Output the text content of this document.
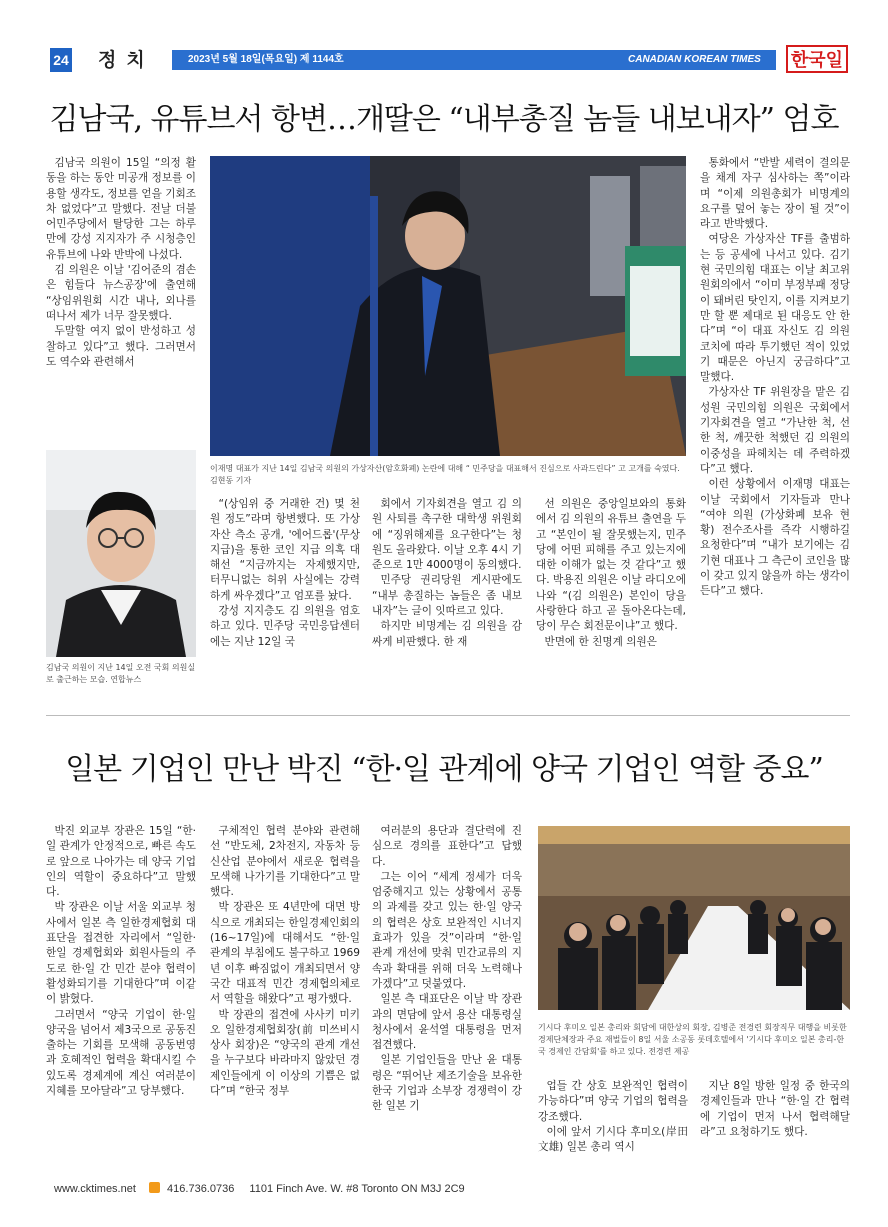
24 정치	2023년 5월 18일(목요일) 제 1144호	CANADIAN KOREAN TIMES 한국일
김남국, 유튜브서 항변…개딸은 “내부총질 놈들 내보내자” 엄호

김남국 의원이 15일 “의정 활동을 하는 동안 미공개 정보를 이용할 생각도, 정보를 얻을 기회조차 없었다”고 말했다. 전날 더불어민주당에서 탈당한 그는 하루 만에 강성 지지자가 주 시청층인 유튜브에 나와 반박에 나섰다.

김 의원은 이날 '김어준의 겸손은 힘들다 뉴스공장'에 출연해 “상임위원회 시간 내나, 외나를 떠나서 제가 너무 잘못했다.

두말할 여지 없이 반성하고 성찰하고 있다”고 했다. 그러면서도 역수와 관련해서

김남국 의원이 지난 14일 오전 국회 의원실로 출근하는 모습. 연합뉴스
이재명 대표가 지난 14일 김남국 의원의 가상자산(암호화폐) 논란에 대해 “ 민주당을 대표해서 진심으로 사과드린다” 고 고개를 숙였다. 김현동 기자

“(상임위 중 거래한 건) 몇 천 원 정도”라며 항변했다. 또 가상자산 측소 공개, '에어드롭'(무상지급)을 통한 코인 지급 의혹 대해선 “지금까지는 자제했지만, 터무니없는 허위 사실에는 강력하게 싸우겠다”고 엄포를 놨다.

강성 지지층도 김 의원을 엄호하고 있다. 민주당 국민응답센터에는 지난 12일 국

회에서 기자회견을 열고 김 의원 사퇴를 촉구한 대학생 위원회에 “징위해제를 요구한다”는 청원도 올라왔다. 이날 오후 4시 기준으로 1만 4000명이 동의했다.

민주당 권리당원 게시판에도 “내부 총질하는 놈들은 좀 내보내자”는 글이 잇따르고 있다.

하지만 비명계는 김 의원을 감싸게 비판했다. 한 재

선 의원은 중앙일보와의 통화에서 김 의원의 유튜브 출연을 두고 “본인이 될 잘못했는지, 민주당에 어떤 피해를 주고 있는지에 대한 이해가 없는 것 같다”고 했다. 박용진 의원은 이날 라디오에 나와 “(김 의원은) 본인이 당을 사랑한다 하고 곧 돌아온다는데, 당이 무슨 회전문이냐”고 했다.

반면에 한 친명계 의원은

통화에서 “반발 세력이 결의문을 채계 자구 심사하는 쪽”이라며 “이제 의원총회가 비명계의 요구를 덮어 놓는 장이 될 것”이라고 반박했다.

여당은 가상자산 TF를 출범하는 등 공세에 나서고 있다. 김기현 국민의힘 대표는 이날 최고위원회의에서 “이미 부정부패 정당이 돼버린 탓인지, 이를 지켜보기만 할 뿐 제대로 된 대응도 안 한다”며 “이 대표 자신도 김 의원 코치에 따라 투기했던 적이 있었기 때문은 아닌지 궁금하다”고 말했다.

가상자산 TF 위원장을 맡은 김성원 국민의힘 의원은 국회에서 기자회견을 열고 “가난한 척, 선한 척, 깨끗한 척했던 김 의원의 이중성을 파헤치는 데 주력하겠다”고 했다.

이런 상황에서 이재명 대표는 이날 국회에서 기자들과 만나 “여야 의원 (가상화폐 보유 현황) 전수조사를 즉각 시행하길 요청한다”며 “내가 보기에는 김기현 대표나 그 측근이 코인을 많이 갖고 있지 않을까 하는 생각이 든다”고 했다.

일본 기업인 만난 박진 “한·일 관계에 양국 기업인 역할 중요”

박진 외교부 장관은 15일 “한·일 관계가 안정적으로, 빠른 속도로 앞으로 나아가는 데 양국 기업인의 역할이 중요하다”고 말했다.

박 장관은 이날 서울 외교부 청사에서 일본 측 일한경제협회 대표단을 접견한 자리에서 “일한·한일 경제협회와 회원사들의 주도로 한·일 간 민간 분야 협력이 활성화되기를 기대한다”며 이같이 밝혔다.

그러면서 “양국 기업이 한·일 양국을 넘어서 제3국으로 공동진출하는 기회를 모색해 공동번영과 호혜적인 협력을 확대시킬 수 있도록 경제계에 계신 여러분이 지혜를 모아달라”고 당부했다.

구체적인 협력 분야와 관련해선 “반도체, 2차전지, 자동차 등 신산업 분야에서 새로운 협력을 모색해 나가기를 기대한다”고 말했다.

박 장관은 또 4년만에 대면 방식으로 개최되는 한일경제인회의(16~17일)에 대해서도 “한·일관계의 부침에도 불구하고 1969년 이후 빠짐없이 개최되면서 양국간 대표적 민간 경제협의체로서 역할을 해왔다”고 평가했다.

박 장관의 접견에 사사키 미키오 일한경제협회장(前 미쓰비시상사 회장)은 “양국의 관계 개선을 누구보다 바라마지 않았던 경제인들에게 이 이상의 기쁨은 없다”며 “한국 정부

여러분의 용단과 결단력에 진심으로 경의를 표한다”고 답했다.

그는 이어 “세계 정세가 더욱 엄중해지고 있는 상황에서 공통의 과제를 갖고 있는 한·일 양국의 협력은 상호 보완적인 시너지 효과가 있을 것”이라며 “한·일 관계 개선에 맞춰 민간교류의 지속과 확대를 위해 더욱 노력해나가겠다”고 덧붙였다.

일본 측 대표단은 이날 박 장관과의 면담에 앞서 용산 대통령실 청사에서 윤석열 대통령을 먼저 접견했다.

일본 기업인들을 만난 윤 대통령은 “뛰어난 제조기술을 보유한 한국 기업과 소부장 경쟁력이 강한 일본 기

기시다 후미오 일본 총리와 회담에 대한상의 회장, 김병준 전경련 회장직무 대행을 비롯한 경제단체장과 주요 재벌들이 8일 서울 소공동 롯데호텔에서 '기시다 후미오 일본 총리-한국 경제인 간담회'를 하고 있다. 전경련 제공

업들 간 상호 보완적인 협력이 가능하다”며 양국 기업의 협력을 강조했다.

이에 앞서 기시다 후미오(岸田文雄) 일본 총리 역시

지난 8일 방한 일정 중 한국의 경제인들과 만나 “한·일 간 협력에 기업이 먼저 나서 협력해달라”고 요청하기도 했다.

www.cktimes.net	416.736.0736 1101 Finch Ave. W. #8 Toronto ON M3J 2C9
